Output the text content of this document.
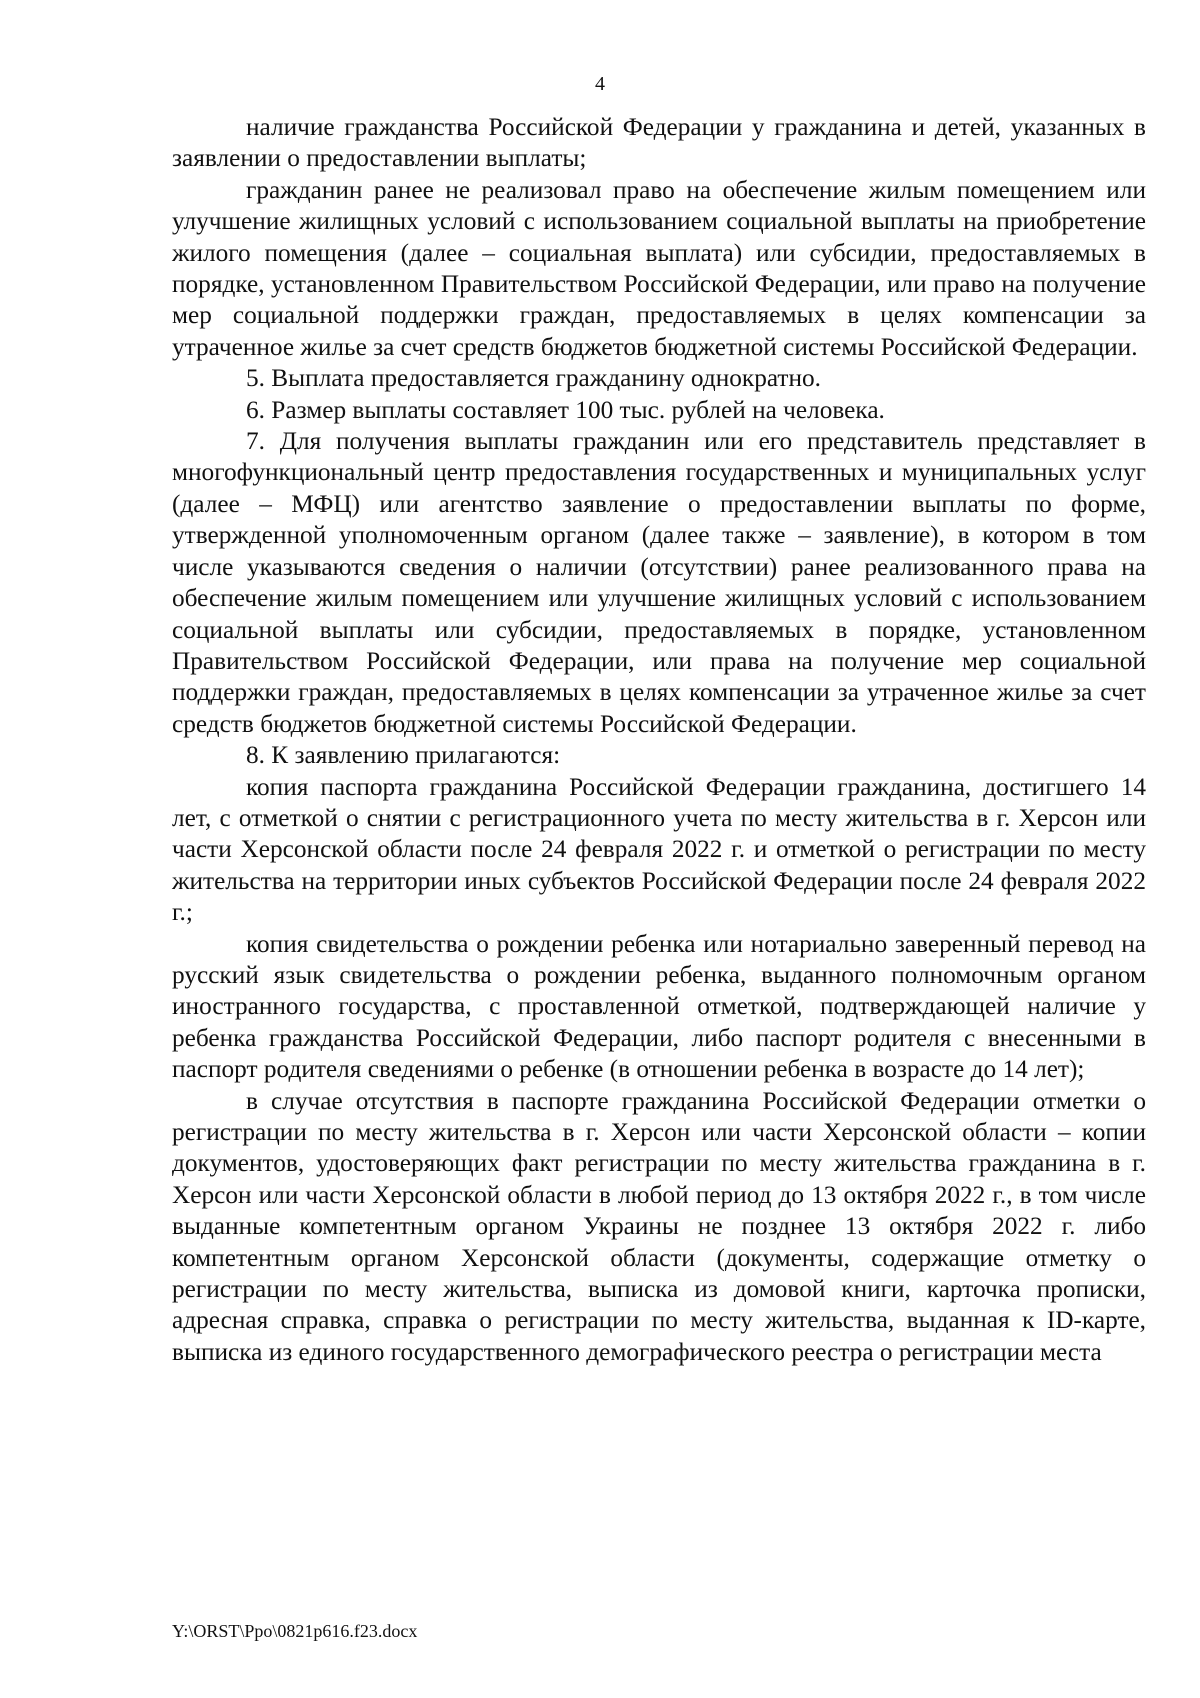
4

наличие гражданства Российской Федерации у гражданина и детей, указанных в заявлении о предоставлении выплаты;

гражданин ранее не реализовал право на обеспечение жилым помещением или улучшение жилищных условий с использованием социальной выплаты на приобретение жилого помещения (далее – социальная выплата) или субсидии, предоставляемых в порядке, установленном Правительством Российской Федерации, или право на получение мер социальной поддержки граждан, предоставляемых в целях компенсации за утраченное жилье за счет средств бюджетов бюджетной системы Российской Федерации.

5. Выплата предоставляется гражданину однократно.

6. Размер выплаты составляет 100 тыс. рублей на человека.

7. Для получения выплаты гражданин или его представитель представляет в многофункциональный центр предоставления государственных и муниципальных услуг (далее – МФЦ) или агентство заявление о предоставлении выплаты по форме, утвержденной уполномоченным органом (далее также – заявление), в котором в том числе указываются сведения о наличии (отсутствии) ранее реализованного права на обеспечение жилым помещением или улучшение жилищных условий с использованием социальной выплаты или субсидии, предоставляемых в порядке, установленном Правительством Российской Федерации, или права на получение мер социальной поддержки граждан, предоставляемых в целях компенсации за утраченное жилье за счет средств бюджетов бюджетной системы Российской Федерации.

8. К заявлению прилагаются:

копия паспорта гражданина Российской Федерации гражданина, достигшего 14 лет, с отметкой о снятии с регистрационного учета по месту жительства в г. Херсон или части Херсонской области после 24 февраля 2022 г. и отметкой о регистрации по месту жительства на территории иных субъектов Российской Федерации после 24 февраля 2022 г.;

копия свидетельства о рождении ребенка или нотариально заверенный перевод на русский язык свидетельства о рождении ребенка, выданного полномочным органом иностранного государства, с проставленной отметкой, подтверждающей наличие у ребенка гражданства Российской Федерации, либо паспорт родителя с внесенными в паспорт родителя сведениями о ребенке (в отношении ребенка в возрасте до 14 лет);

в случае отсутствия в паспорте гражданина Российской Федерации отметки о регистрации по месту жительства в г. Херсон или части Херсонской области – копии документов, удостоверяющих факт регистрации по месту жительства гражданина в г. Херсон или части Херсонской области в любой период до 13 октября 2022 г., в том числе выданные компетентным органом Украины не позднее 13 октября 2022 г. либо компетентным органом Херсонской области (документы, содержащие отметку о регистрации по месту жительства, выписка из домовой книги, карточка прописки, адресная справка, справка о регистрации по месту жительства, выданная к ID-карте, выписка из единого государственного демографического реестра о регистрации места

Y:\ORST\Ppo\0821p616.f23.docx
